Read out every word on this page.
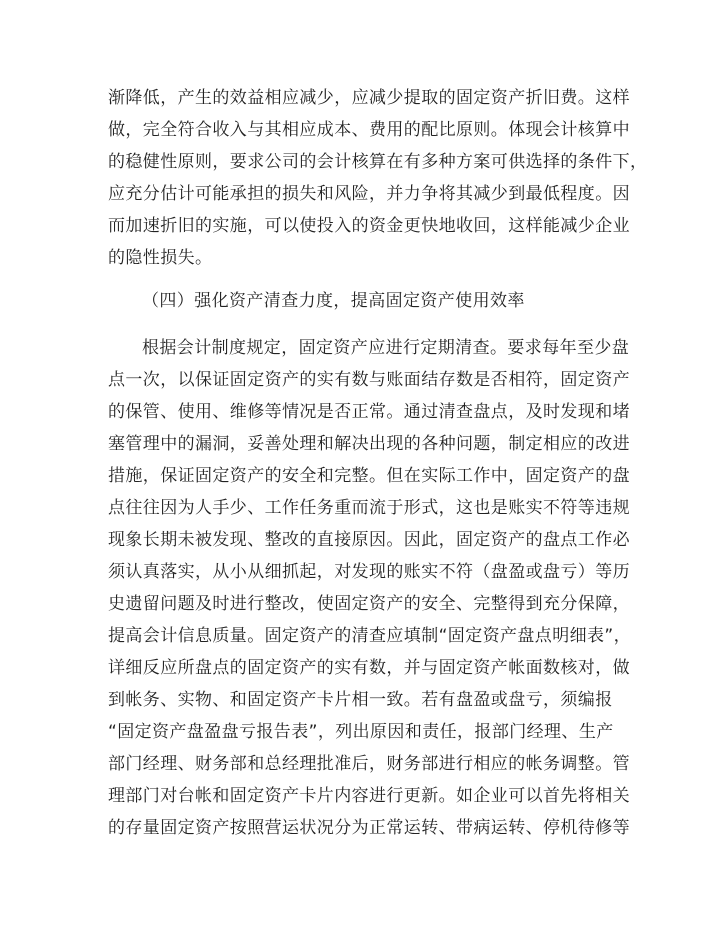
渐降低，产生的效益相应减少，应减少提取的固定资产折旧费。这样
做，完全符合收入与其相应成本、费用的配比原则。体现会计核算中
的稳健性原则，要求公司的会计核算在有多种方案可供选择的条件下，
应充分估计可能承担的损失和风险，并力争将其减少到最低程度。因
而加速折旧的实施，可以使投入的资金更快地收回，这样能减少企业
的隐性损失。
（四）强化资产清查力度，提高固定资产使用效率
根据会计制度规定，固定资产应进行定期清查。要求每年至少盘
点一次，以保证固定资产的实有数与账面结存数是否相符，固定资产
的保管、使用、维修等情况是否正常。通过清查盘点，及时发现和堵
塞管理中的漏洞，妥善处理和解决出现的各种问题，制定相应的改进
措施，保证固定资产的安全和完整。但在实际工作中，固定资产的盘
点往往因为人手少、工作任务重而流于形式，这也是账实不符等违规
现象长期未被发现、整改的直接原因。因此，固定资产的盘点工作必
须认真落实，从小从细抓起，对发现的账实不符（盘盈或盘亏）等历
史遗留问题及时进行整改，使固定资产的安全、完整得到充分保障，
提高会计信息质量。固定资产的清查应填制“固定资产盘点明细表”，
详细反应所盘点的固定资产的实有数，并与固定资产帐面数核对，做
到帐务、实物、和固定资产卡片相一致。若有盘盈或盘亏，须编报
“固定资产盘盈盘亏报告表”，列出原因和责任，报部门经理、生产
部门经理、财务部和总经理批准后，财务部进行相应的帐务调整。管
理部门对台帐和固定资产卡片内容进行更新。如企业可以首先将相关
的存量固定资产按照营运状况分为正常运转、带病运转、停机待修等
